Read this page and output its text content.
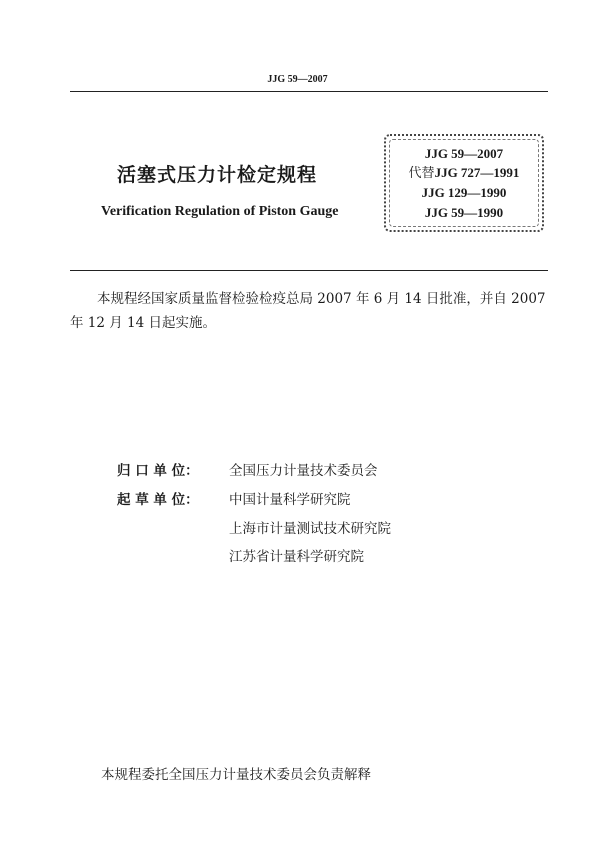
JJG 59—2007
活塞式压力计检定规程
Verification Regulation of Piston Gauge
JJG 59—2007
代替JJG 727—1991
JJG 129—1990
JJG 59—1990
本规程经国家质量监督检验检疫总局 2007 年 6 月 14 日批准，并自 2007 年 12 月 14 日起实施。
归 口 单 位： 全国压力计量技术委员会
起 草 单 位： 中国计量科学研究院
上海市计量测试技术研究院
江苏省计量科学研究院
本规程委托全国压力计量技术委员会负责解释
